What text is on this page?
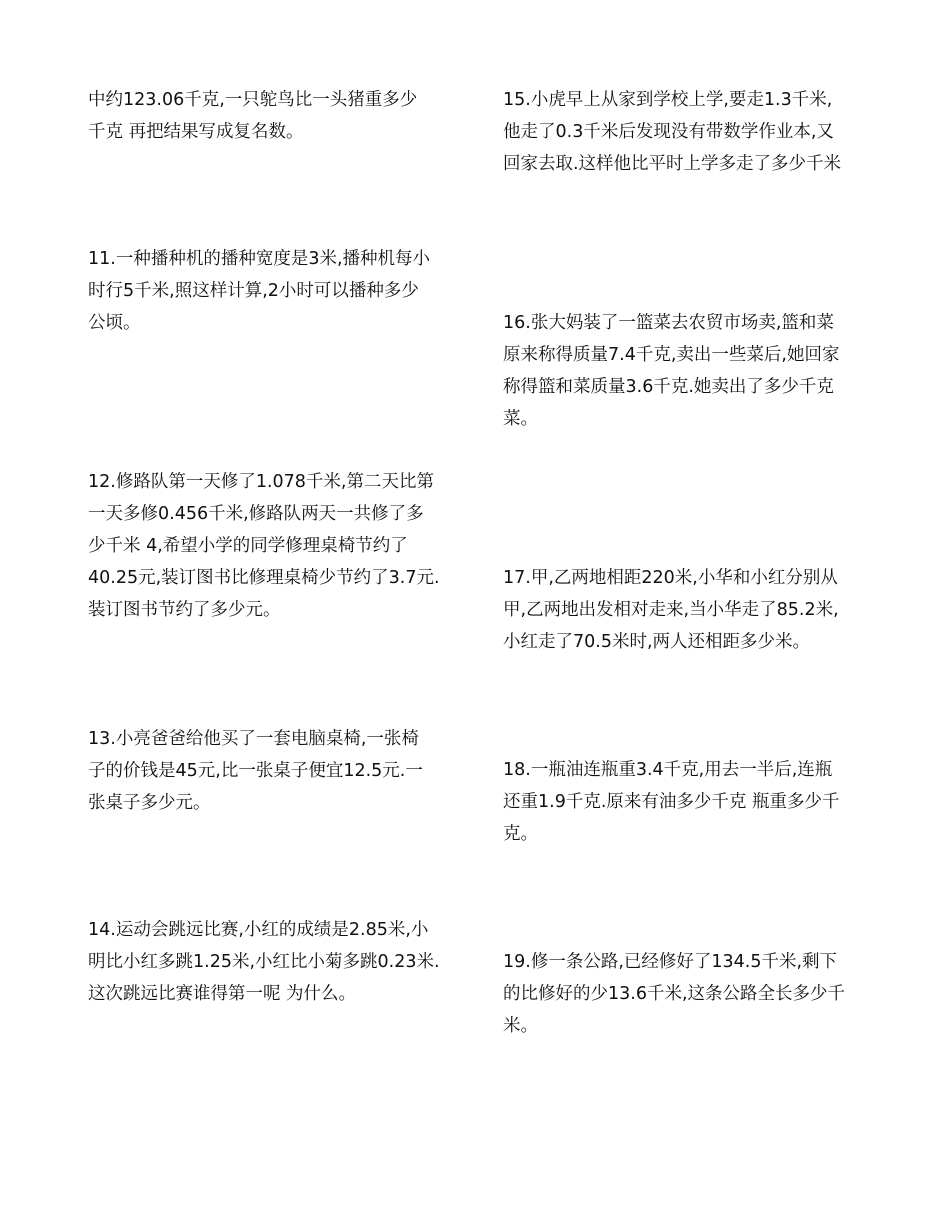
中约123.06千克,一只鸵鸟比一头猪重多少
千克 再把结果写成复名数。
11.一种播种机的播种宽度是3米,播种机每小
时行5千米,照这样计算,2小时可以播种多少
公顷。
12.修路队第一天修了1.078千米,第二天比第
一天多修0.456千米,修路队两天一共修了多
少千米 4,希望小学的同学修理桌椅节约了
40.25元,装订图书比修理桌椅少节约了3.7元.
装订图书节约了多少元。
13.小亮爸爸给他买了一套电脑桌椅,一张椅
子的价钱是45元,比一张桌子便宜12.5元.一
张桌子多少元。
14.运动会跳远比赛,小红的成绩是2.85米,小
明比小红多跳1.25米,小红比小菊多跳0.23米.
这次跳远比赛谁得第一呢 为什么。
15.小虎早上从家到学校上学,要走1.3千米,
他走了0.3千米后发现没有带数学作业本,又
回家去取.这样他比平时上学多走了多少千米
16.张大妈装了一篮菜去农贸市场卖,篮和菜
原来称得质量7.4千克,卖出一些菜后,她回家
称得篮和菜质量3.6千克.她卖出了多少千克
菜。
17.甲,乙两地相距220米,小华和小红分别从
甲,乙两地出发相对走来,当小华走了85.2米,
小红走了70.5米时,两人还相距多少米。
18.一瓶油连瓶重3.4千克,用去一半后,连瓶
还重1.9千克.原来有油多少千克 瓶重多少千
克。
19.修一条公路,已经修好了134.5千米,剩下
的比修好的少13.6千米,这条公路全长多少千
米。
